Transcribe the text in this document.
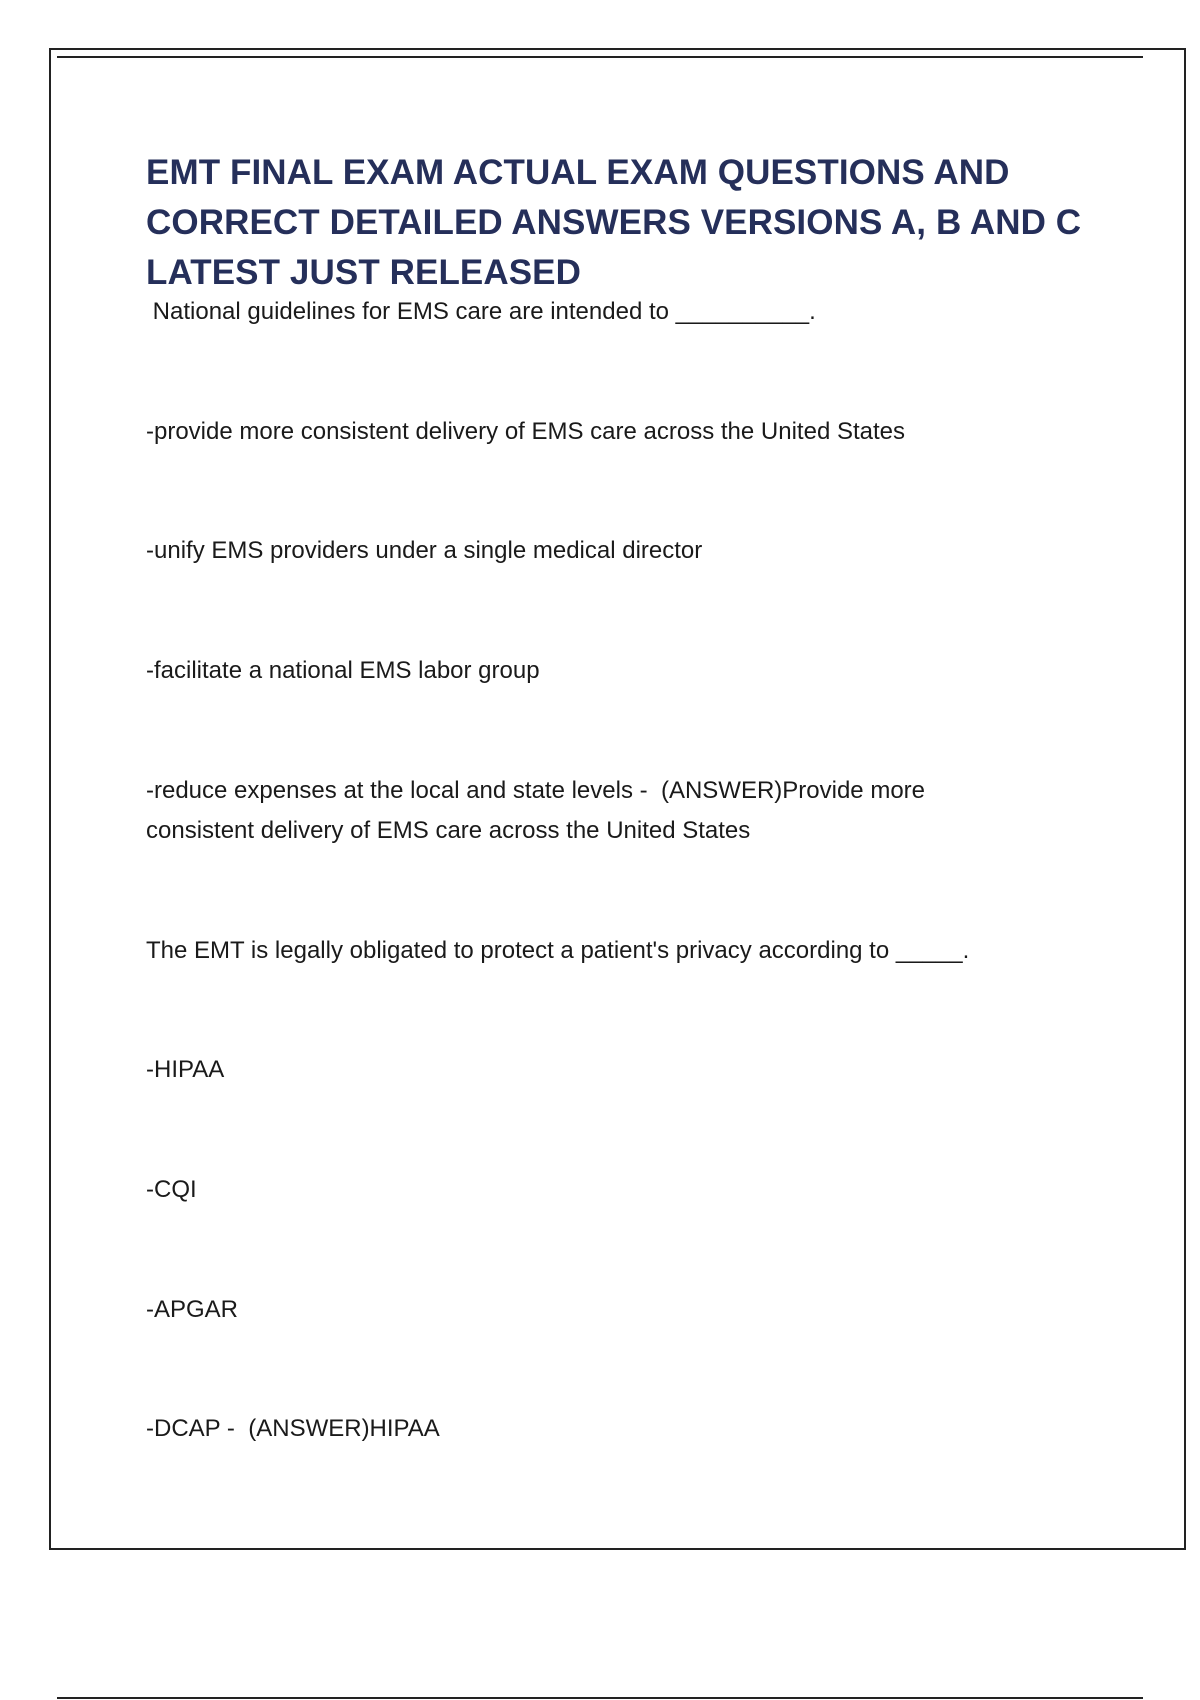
EMT FINAL EXAM ACTUAL EXAM QUESTIONS AND CORRECT DETAILED ANSWERS VERSIONS A, B AND C LATEST JUST RELEASED

National guidelines for EMS care are intended to __________.

-provide more consistent delivery of EMS care across the United States

-unify EMS providers under a single medical director

-facilitate a national EMS labor group

-reduce expenses at the local and state levels -  (ANSWER)Provide more consistent delivery of EMS care across the United States

The EMT is legally obligated to protect a patient's privacy according to _____.

-HIPAA

-CQI

-APGAR

-DCAP -  (ANSWER)HIPAA
